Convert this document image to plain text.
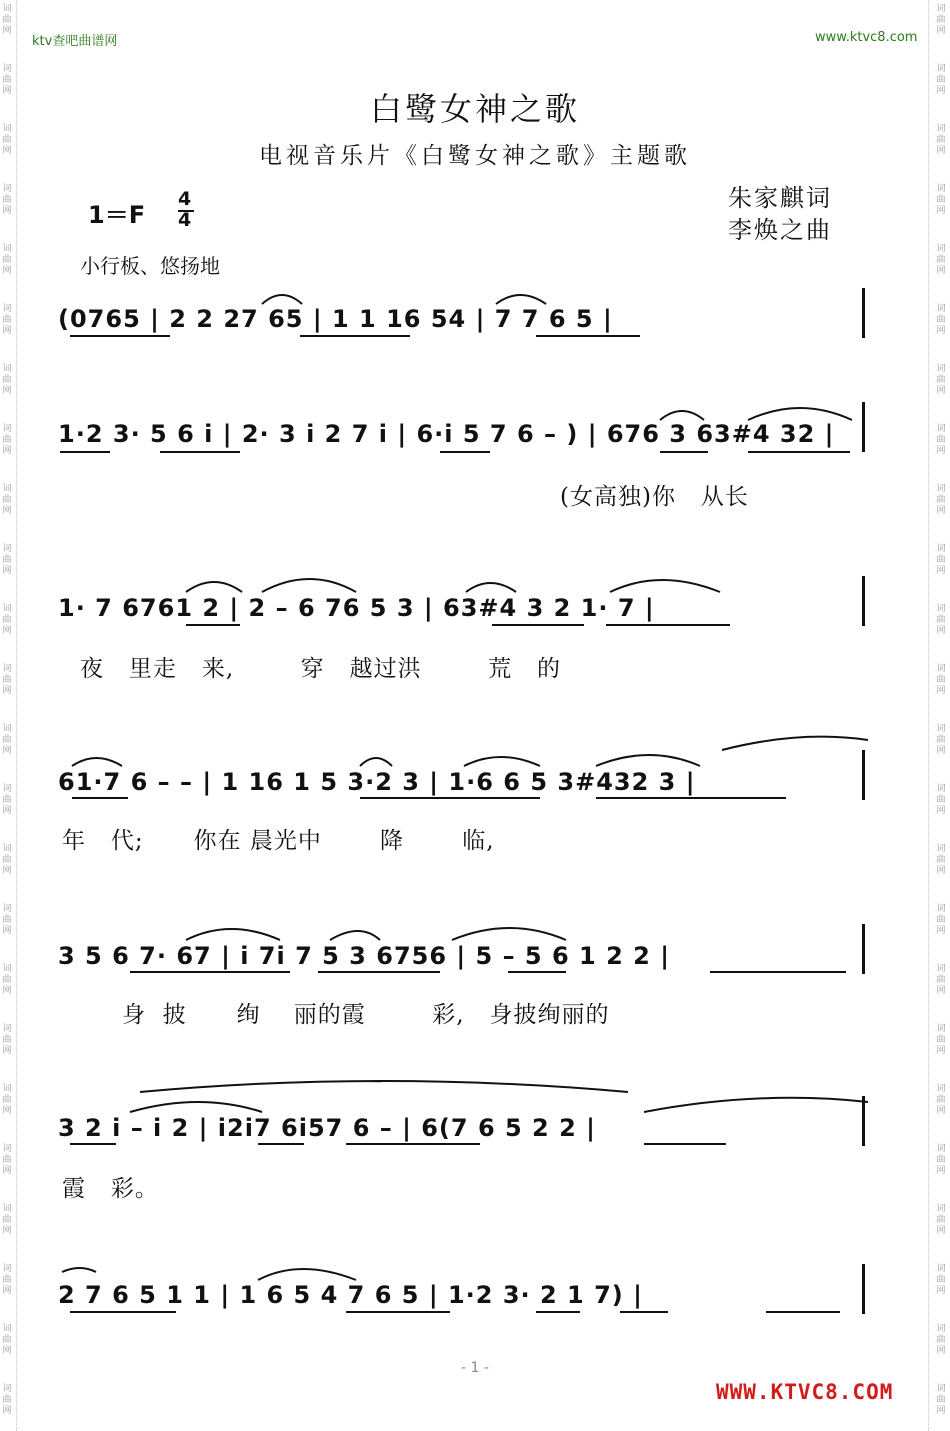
词
曲
网
词
曲
网
词
曲
网
词
曲
网
词
曲
网
词
曲
网
词
曲
网
词
曲
网
词
曲
网
词
曲
网
词
曲
网
词
曲
网
词
曲
网
词
曲
网
词
曲
网
词
曲
网
词
曲
网
词
曲
网
词
曲
网
词
曲
网
词
曲
网
词
曲
网
词
曲
网
词
曲
网
词
曲
网
词
曲
网
词
曲
网
词
曲
网
词
曲
网
词
曲
网
词
曲
网
词
曲
网
词
曲
网
词
曲
网
词
曲
网
词
曲
网
词
曲
网
词
曲
网
词
曲
网
词
曲
网
词
曲
网
词
曲
网
词
曲
网
词
曲
网
词
曲
网
词
曲
网
词
曲
网
词
曲
网
ktv查吧曲谱网	www.ktvc8.com
白鹭女神之歌
电视音乐片《白鹭女神之歌》主题歌
1＝F
4
4
朱家麒词
李焕之曲
小行板、悠扬地
(0765 | 2 2 27 65 | 1 1 16 54 | 7 7 6 5 |
1·2 3· 5 6 i | 2· 3 i 2 7 i | 6·i 5 7 6 – ) | 676 3 63#4 32 |
(女高独)你   从长
1· 7 6761 2 | 2 – 6 76 5 3 | 63#4 3 2 1· 7 |
夜   里走   来,        穿   越过洪        荒   的
61·7 6 – – | 1 16 1 5 3·2 3 | 1·6 6 5 3#432 3 |
年   代;      你在 晨光中       降       临,
3 5 6 7· 67 | i 7i 7 5 3 6756 | 5 – 5 6 1 2 2 |
身  披      绚    丽的霞        彩,   身披绚丽的
3 2 i – i 2 | i2i7 6i57 6 – | 6(7 6 5 2 2 |
霞   彩。
2 7 6 5 1 1 | 1 6 5 4 7 6 5 | 1·2 3· 2 1 7) |
- 1 -
WWW.KTVC8.COM
